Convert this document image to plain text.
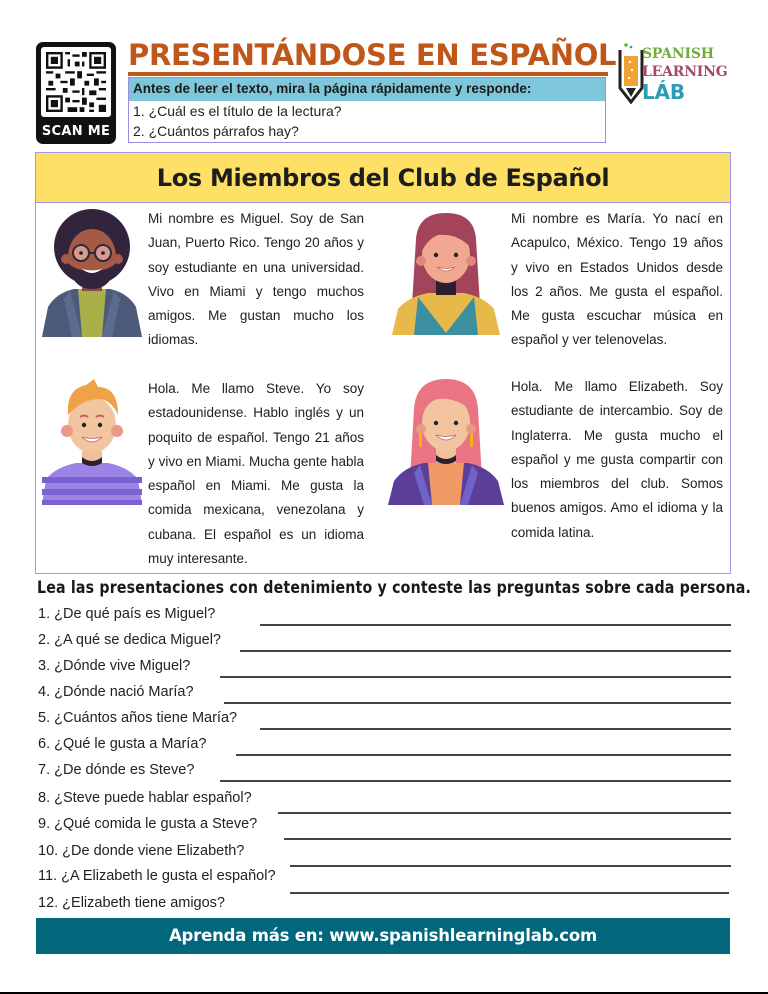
SCAN ME
PRESENTÁNDOSE EN ESPAÑOL
Antes de leer el texto, mira la página rápidamente y responde:
1. ¿Cuál es el título de la lectura?
2. ¿Cuántos párrafos hay?
SPANISH
LEARNING
LÁB
Los Miembros del Club de Español
Mi nombre es Miguel. Soy de San Juan, Puerto Rico. Tengo 20 años y soy estudiante en una universidad. Vivo en Miami y tengo muchos amigos. Me gustan mucho los idiomas.
Mi nombre es María. Yo nací en Acapulco, México. Tengo 19 años y vivo en Estados Unidos desde los 2 años. Me gusta el español. Me gusta escuchar música en español y ver telenovelas.
Hola. Me llamo Steve. Yo soy estadounidense. Hablo inglés y un poquito de español. Tengo 21 años y vivo en Miami. Mucha gente habla español en Miami. Me gusta la comida mexicana, venezolana y cubana. El español es un idioma muy interesante.
Hola. Me llamo Elizabeth. Soy estudiante de intercambio. Soy de Inglaterra. Me gusta mucho el español y me gusta compartir con los miembros del club. Somos buenos amigos. Amo el idioma y la comida latina.
Lea las presentaciones con detenimiento y conteste las preguntas sobre cada persona.
1. ¿De qué país es Miguel?
2. ¿A qué se dedica Miguel?
3. ¿Dónde vive Miguel?
4. ¿Dónde nació María?
5. ¿Cuántos años tiene María?
6. ¿Qué le gusta a María?
7. ¿De dónde es Steve?
8. ¿Steve puede hablar español?
9. ¿Qué comida le gusta a Steve?
10. ¿De donde viene Elizabeth?
11. ¿A Elizabeth le gusta el español?
12. ¿Elizabeth tiene amigos?
Aprenda más en: www.spanishlearninglab.com
